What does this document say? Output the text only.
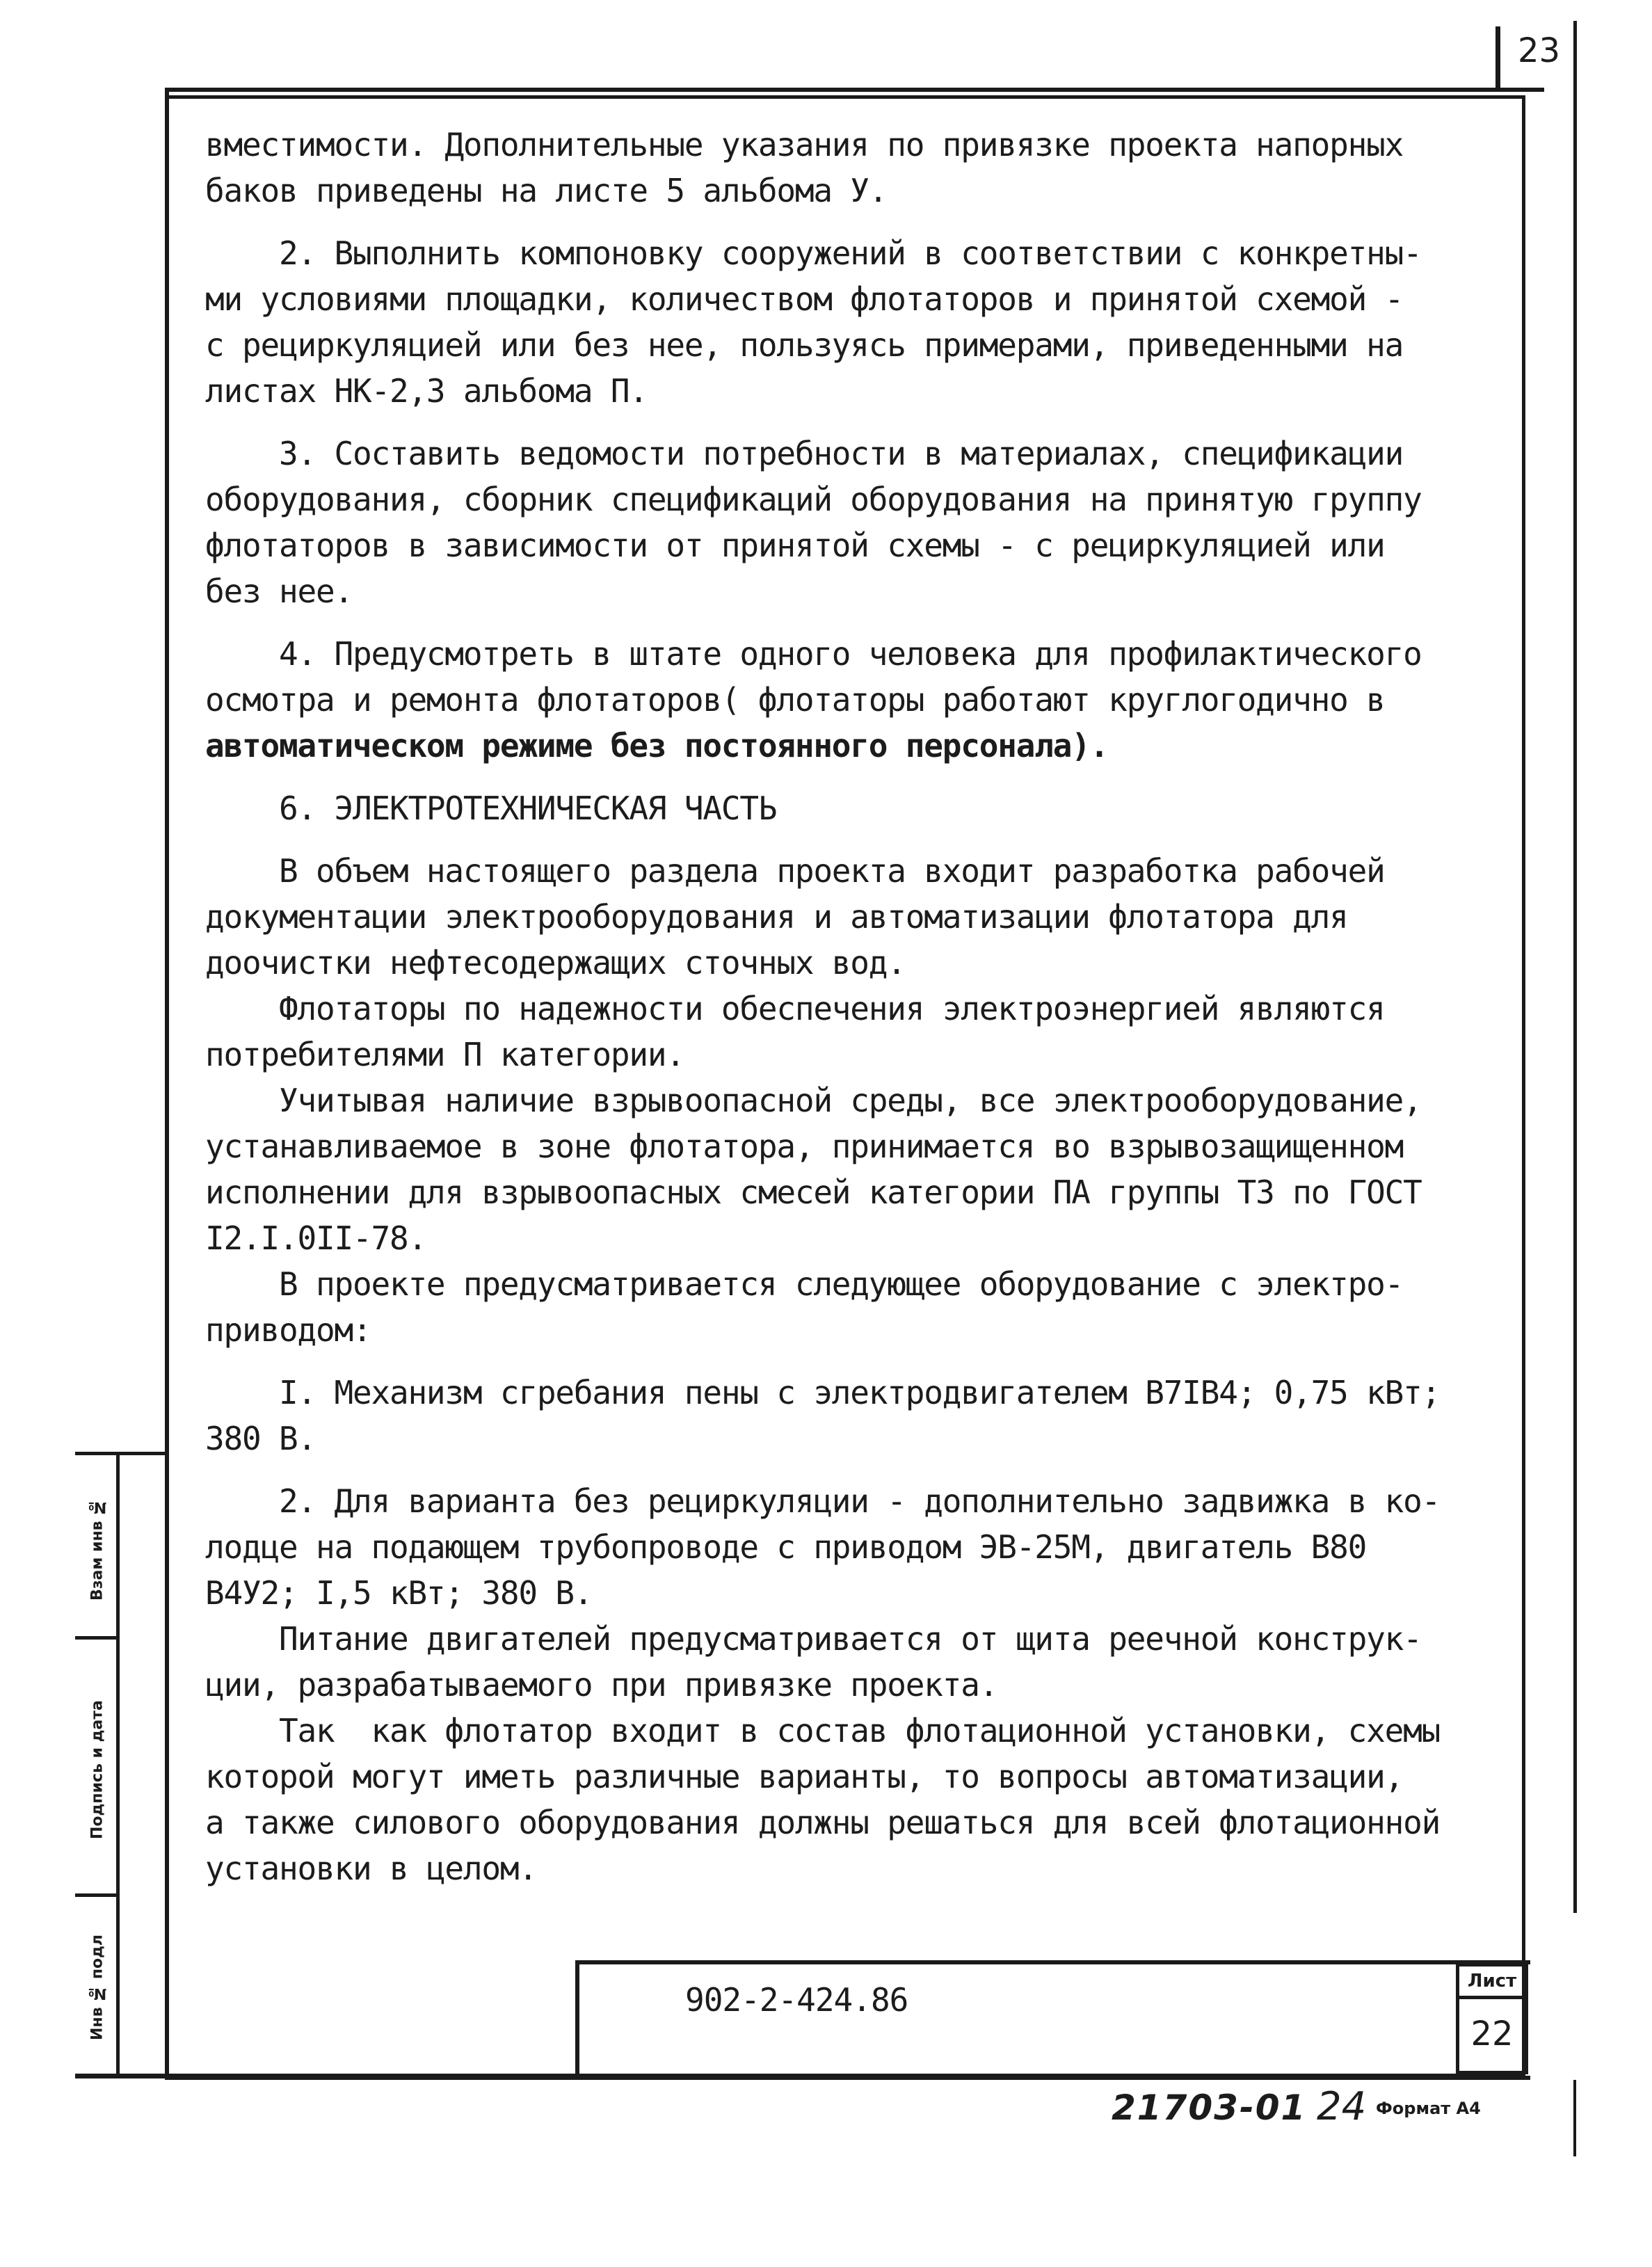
23

вместимости. Дополнительные указания по привязке проекта напорных

баков приведены на листе 5 альбома У.

2. Выполнить компоновку сооружений в соответствии с конкретны-

ми условиями площадки, количеством флотаторов и принятой схемой -

с рециркуляцией или без нее, пользуясь примерами, приведенными на

листах НК-2,3 альбома П.

3. Составить ведомости потребности в материалах, спецификации

оборудования, сборник спецификаций оборудования на принятую группу

флотаторов в зависимости от принятой схемы - с рециркуляцией или

без нее.

4. Предусмотреть в штате одного человека для профилактического

осмотра и ремонта флотаторов( флотаторы работают круглогодично в

автоматическом режиме без постоянного персонала).

6. ЭЛЕКТРОТЕХНИЧЕСКАЯ ЧАСТЬ

В объем настоящего раздела проекта входит разработка рабочей

документации электрооборудования и автоматизации флотатора для

доочистки нефтесодержащих сточных вод.

Флотаторы по надежности обеспечения электроэнергией являются

потребителями П категории.

Учитывая наличие взрывоопасной среды, все электрооборудование,

устанавливаемое в зоне флотатора, принимается во взрывозащищенном

исполнении для взрывоопасных смесей категории ПА группы Т3 по ГОСТ

I2.I.0II-78.

В проекте предусматривается следующее оборудование с электро-

приводом:

I. Механизм сгребания пены с электродвигателем В7IВ4; 0,75 кВт;

380 В.

2. Для варианта без рециркуляции - дополнительно задвижка в ко-

лодце на подающем трубопроводе с приводом ЭВ-25М, двигатель В80

В4У2; I,5 кВт; 380 В.

Питание двигателей предусматривается от щита реечной конструк-

ции, разрабатываемого при привязке проекта.

Так  как флотатор входит в состав флотационной установки, схемы

которой могут иметь различные варианты, то вопросы автоматизации,

а также силового оборудования должны решаться для всей флотационной

установки в целом.

Взам инв №
Подпись и дата
Инв № подл	902-2-424.86	Лист
22
21703-01 24 Формат А4
